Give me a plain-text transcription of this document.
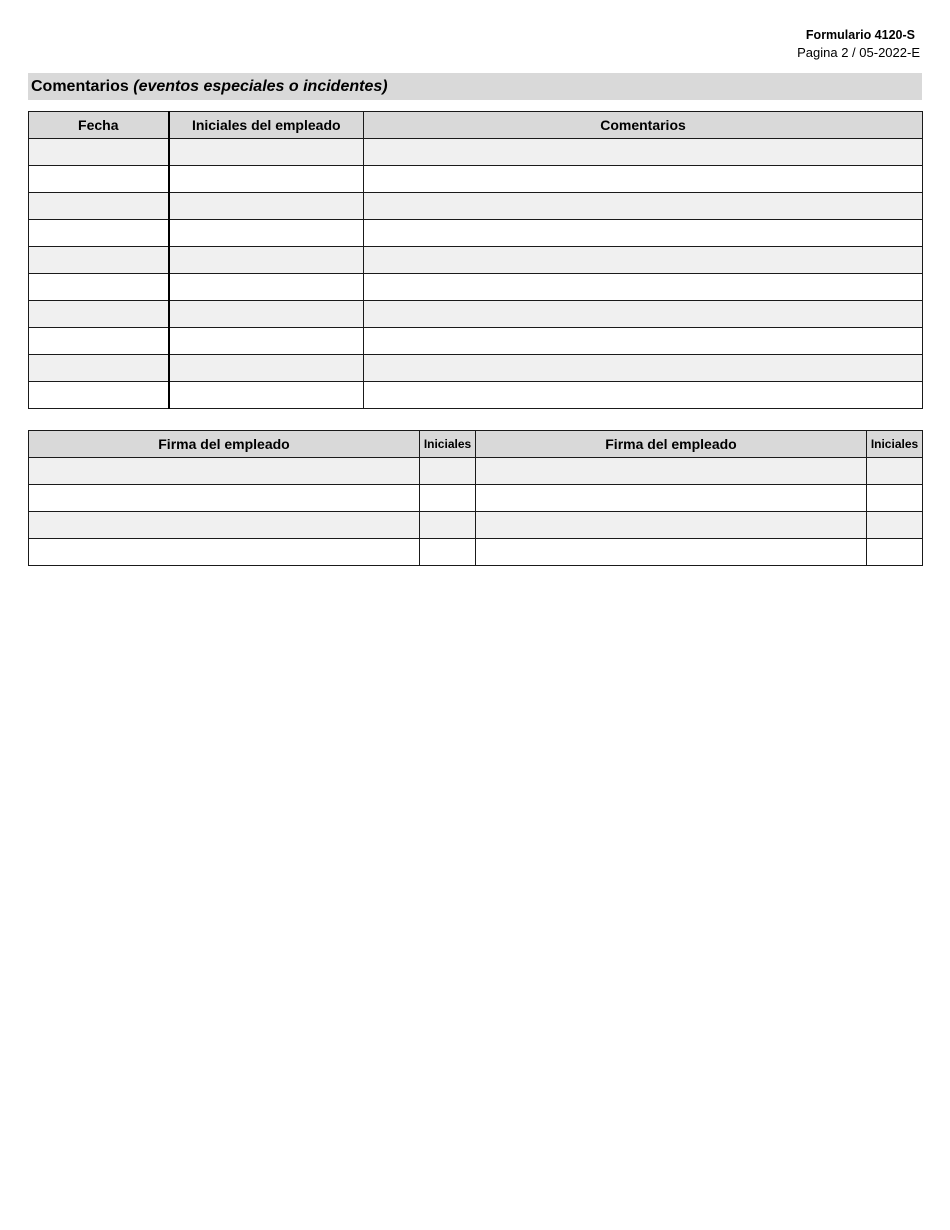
Formulario 4120-S
Pagina 2 / 05-2022-E
Comentarios (eventos especiales o incidentes)
Fecha	Iniciales del empleado	Comentarios

Firma del empleado	Iniciales	Firma del empleado	Iniciales
